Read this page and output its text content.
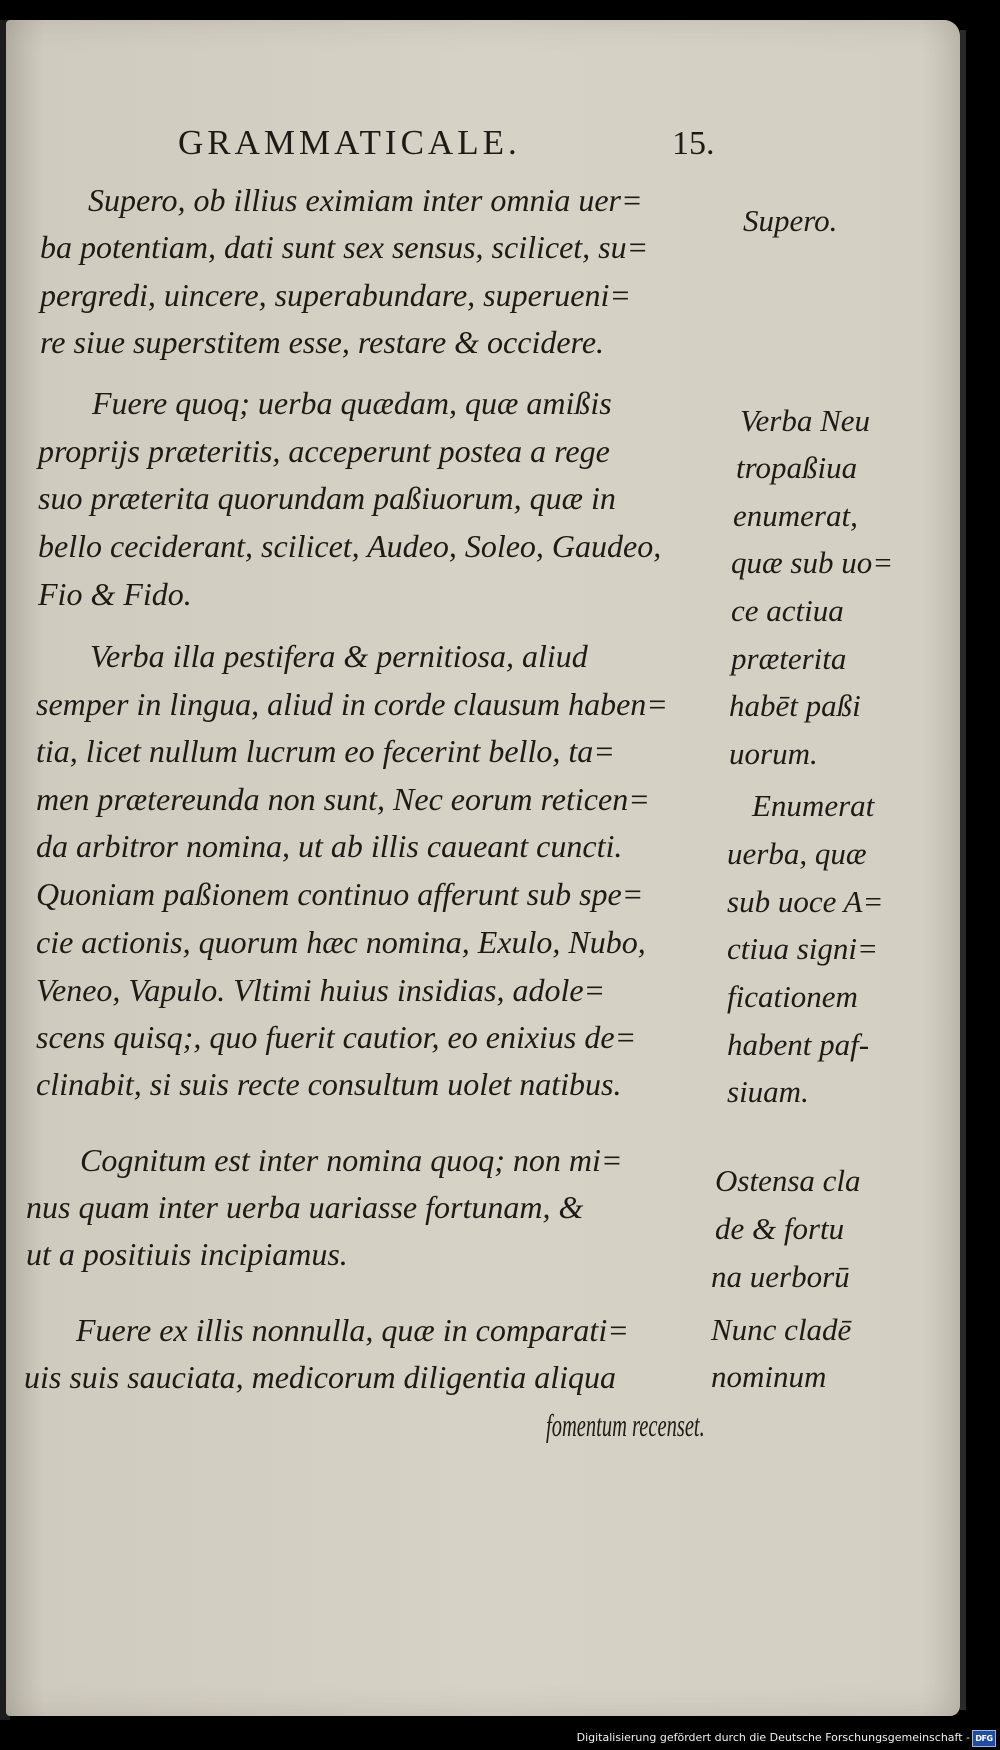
GRAMMATICALE.	15.
Supero, ob illius eximiam inter omnia uer=
ba potentiam, dati sunt sex sensus, scilicet, su=
pergredi, uincere, superabundare, superueni=
re siue superstitem esse, restare & occidere.
Fuere quoq; uerba quædam, quæ amißis
proprijs præteritis, acceperunt postea a rege
suo præterita quorundam paßiuorum, quæ in
bello ceciderant, scilicet, Audeo, Soleo, Gaudeo,
Fio & Fido.
Verba illa pestifera & pernitiosa, aliud
semper in lingua, aliud in corde clausum haben=
tia, licet nullum lucrum eo fecerint bello, ta=
men prætereunda non sunt, Nec eorum reticen=
da arbitror nomina, ut ab illis caueant cuncti.
Quoniam paßionem continuo afferunt sub spe=
cie actionis, quorum hæc nomina, Exulo, Nubo,
Veneo, Vapulo. Vltimi huius insidias, adole=
scens quisq;, quo fuerit cautior, eo enixius de=
clinabit, si suis recte consultum uolet natibus.
Cognitum est inter nomina quoq; non mi=
nus quam inter uerba uariasse fortunam, &
ut a positiuis incipiamus.
Fuere ex illis nonnulla, quæ in comparati=
uis suis sauciata, medicorum diligentia aliqua
fomentum recenset.
Supero.
Verba Neu
tropaßiua
enumerat,
quæ sub uo=
ce actiua
præterita
habēt paßi
uorum.
Enumerat
uerba, quæ
sub uoce A=
ctiua signi=
ficationem
habent paf-
siuam.
Ostensa cla
de & fortu
na uerborū
Nunc cladē
nominum
Digitalisierung gefördert durch die Deutsche Forschungsgemeinschaft - DFG
